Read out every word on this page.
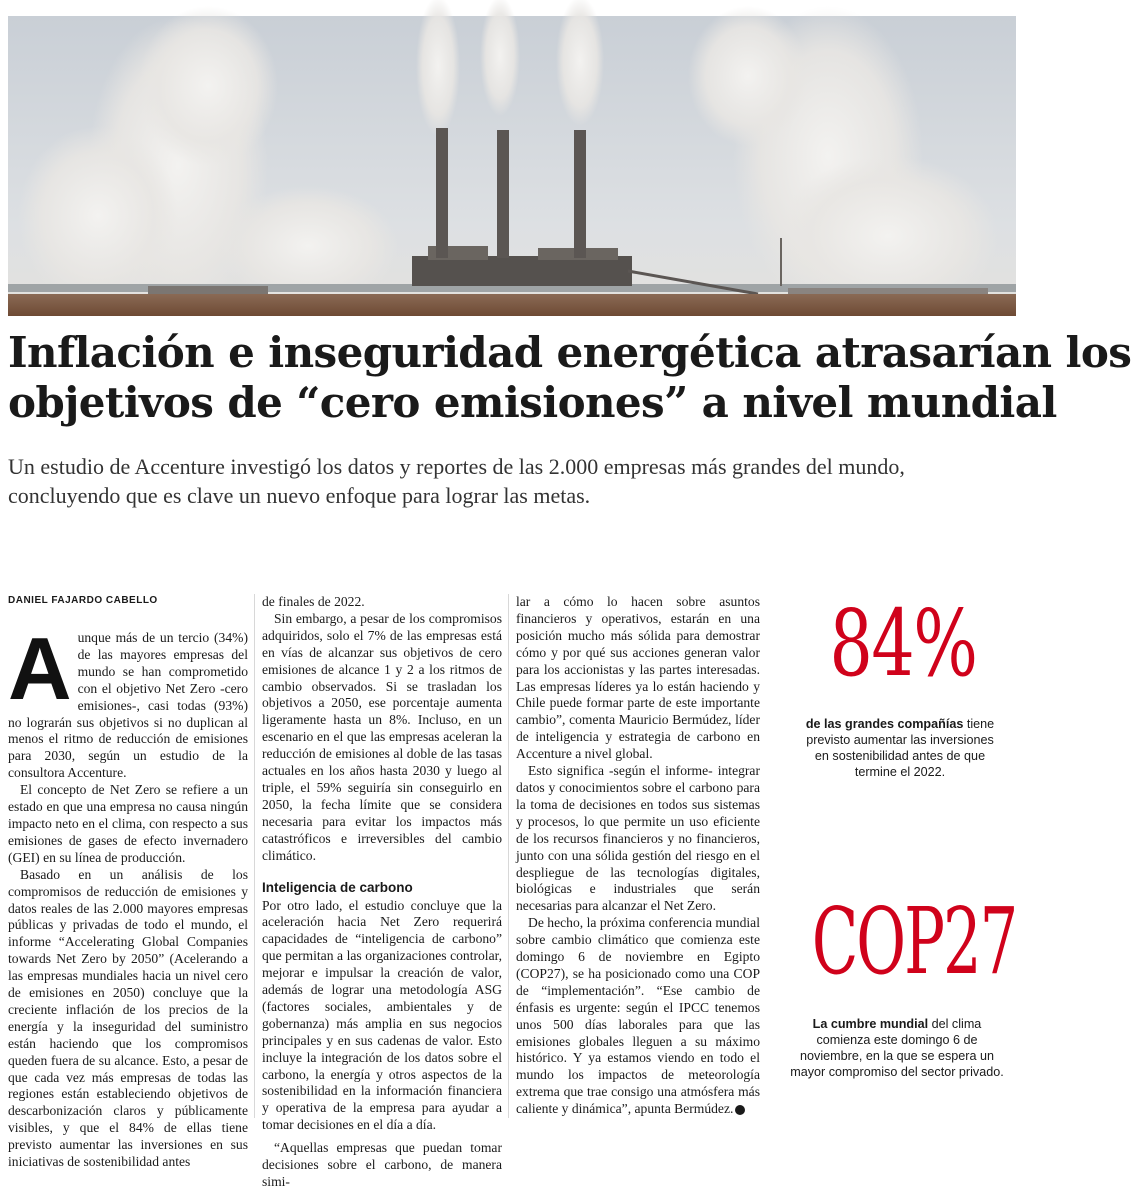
Inflación e inseguridad energética atrasarían los
objetivos de “cero emisiones” a nivel mundial
Un estudio de Accenture investigó los datos y reportes de las 2.000 empresas más grandes del mundo,
concluyendo que es clave un nuevo enfoque para lograr las metas.
DANIEL FAJARDO CABELLO

A unque más de un tercio (34%) de las mayores empresas del mundo se han comprometido con el objetivo Net Zero -cero emisiones-, casi todas (93%) no lograrán sus objetivos si no duplican al menos el ritmo de reducción de emisiones para 2030, según un estudio de la consultora Accenture.

El concepto de Net Zero se refiere a un estado en que una empresa no causa ningún impacto neto en el clima, con respecto a sus emisiones de gases de efecto invernadero (GEI) en su línea de producción.

Basado en un análisis de los compromisos de reducción de emisiones y datos reales de las 2.000 mayores empresas públicas y privadas de todo el mundo, el informe “Accelerating Global Companies towards Net Zero by 2050” (Acelerando a las empresas mundiales hacia un nivel cero de emisiones en 2050) concluye que la creciente inflación de los precios de la energía y la inseguridad del suministro están haciendo que los compromisos queden fuera de su alcance. Esto, a pesar de que cada vez más empresas de todas las regiones están estableciendo objetivos de descarbonización claros y públicamente visibles, y que el 84% de ellas tiene previsto aumentar las inversiones en sus iniciativas de sostenibilidad antes

de finales de 2022.

Sin embargo, a pesar de los compromisos adquiridos, solo el 7% de las empresas está en vías de alcanzar sus objetivos de cero emisiones de alcance 1 y 2 a los ritmos de cambio observados. Si se trasladan los objetivos a 2050, ese porcentaje aumenta ligeramente hasta un 8%. Incluso, en un escenario en el que las empresas aceleran la reducción de emisiones al doble de las tasas actuales en los años hasta 2030 y luego al triple, el 59% seguiría sin conseguirlo en 2050, la fecha límite que se considera necesaria para evitar los impactos más catastróficos e irreversibles del cambio climático.

Inteligencia de carbono

Por otro lado, el estudio concluye que la aceleración hacia Net Zero requerirá capacidades de “inteligencia de carbono” que permitan a las organizaciones controlar, mejorar e impulsar la creación de valor, además de lograr una metodología ASG (factores sociales, ambientales y de gobernanza) más amplia en sus negocios principales y en sus cadenas de valor. Esto incluye la integración de los datos sobre el carbono, la energía y otros aspectos de la sostenibilidad en la información financiera y operativa de la empresa para ayudar a tomar decisiones en el día a día.

“Aquellas empresas que puedan tomar decisiones sobre el carbono, de manera simi-

lar a cómo lo hacen sobre asuntos financieros y operativos, estarán en una posición mucho más sólida para demostrar cómo y por qué sus acciones generan valor para los accionistas y las partes interesadas. Las empresas líderes ya lo están haciendo y Chile puede formar parte de este importante cambio”, comenta Mauricio Bermúdez, líder de inteligencia y estrategia de carbono en Accenture a nivel global.

Esto significa -según el informe- integrar datos y conocimientos sobre el carbono para la toma de decisiones en todos sus sistemas y procesos, lo que permite un uso eficiente de los recursos financieros y no financieros, junto con una sólida gestión del riesgo en el despliegue de las tecnologías digitales, biológicas e industriales que serán necesarias para alcanzar el Net Zero.

De hecho, la próxima conferencia mundial sobre cambio climático que comienza este domingo 6 de noviembre en Egipto (COP27), se ha posicionado como una COP de “implementación”. “Ese cambio de énfasis es urgente: según el IPCC tenemos unos 500 días laborales para que las emisiones globales lleguen a su máximo histórico. Y ya estamos viendo en todo el mundo los impactos de meteorología extrema que trae consigo una atmósfera más caliente y dinámica”, apunta Bermúdez.

84%
de las grandes compañías tiene previsto aumentar las inversiones en sostenibilidad antes de que termine el 2022.
COP27
La cumbre mundial del clima comienza este domingo 6 de noviembre, en la que se espera un mayor compromiso del sector privado.
